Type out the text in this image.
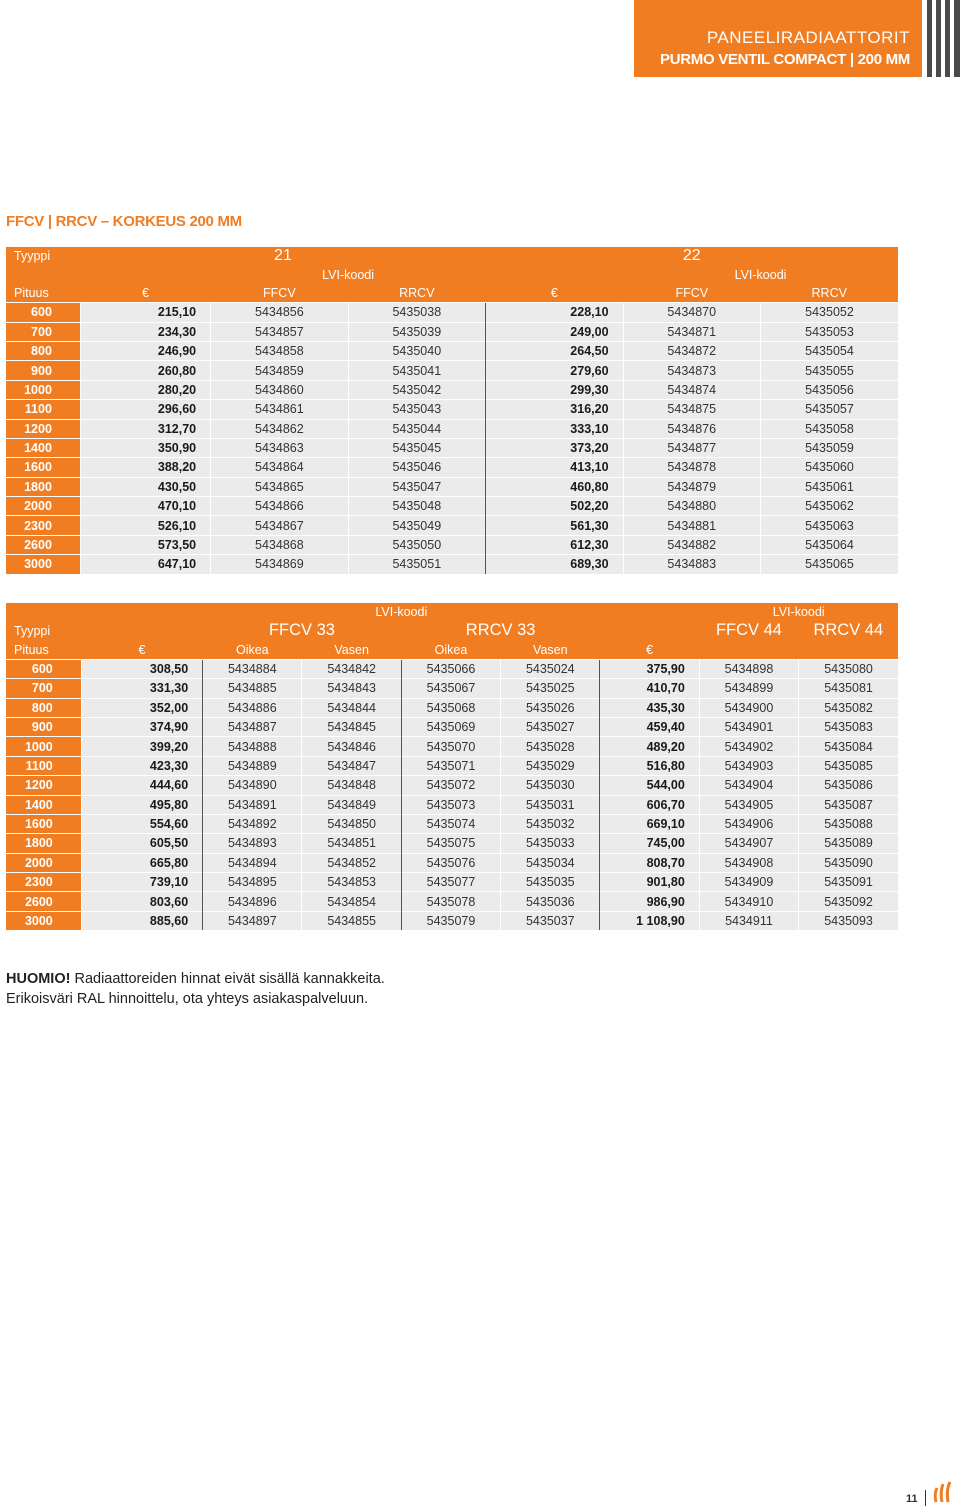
PANEELIRADIAATTORIT
PURMO VENTIL COMPACT | 200 MM
FFCV | RRCV – KORKEUS 200 MM
Tyyppi	21			22		
		LVI-koodi			LVI-koodi	
Pituus	€	FFCV	RRCV	€	FFCV	RRCV
600	215,10	5434856	5435038	228,10	5434870	5435052
700	234,30	5434857	5435039	249,00	5434871	5435053
800	246,90	5434858	5435040	264,50	5434872	5435054
900	260,80	5434859	5435041	279,60	5434873	5435055
1000	280,20	5434860	5435042	299,30	5434874	5435056
1100	296,60	5434861	5435043	316,20	5434875	5435057
1200	312,70	5434862	5435044	333,10	5434876	5435058
1400	350,90	5434863	5435045	373,20	5434877	5435059
1600	388,20	5434864	5435046	413,10	5434878	5435060
1800	430,50	5434865	5435047	460,80	5434879	5435061
2000	470,10	5434866	5435048	502,20	5434880	5435062
2300	526,10	5434867	5435049	561,30	5434881	5435063
2600	573,50	5434868	5435050	612,30	5434882	5435064
3000	647,10	5434869	5435051	689,30	5434883	5435065
		LVI-koodi					LVI-koodi	
Tyyppi		FFCV 33		RRCV 33			FFCV 44	RRCV 44
Pituus	€	Oikea	Vasen	Oikea	Vasen	€		
600	308,50	5434884	5434842	5435066	5435024	375,90	5434898	5435080
700	331,30	5434885	5434843	5435067	5435025	410,70	5434899	5435081
800	352,00	5434886	5434844	5435068	5435026	435,30	5434900	5435082
900	374,90	5434887	5434845	5435069	5435027	459,40	5434901	5435083
1000	399,20	5434888	5434846	5435070	5435028	489,20	5434902	5435084
1100	423,30	5434889	5434847	5435071	5435029	516,80	5434903	5435085
1200	444,60	5434890	5434848	5435072	5435030	544,00	5434904	5435086
1400	495,80	5434891	5434849	5435073	5435031	606,70	5434905	5435087
1600	554,60	5434892	5434850	5435074	5435032	669,10	5434906	5435088
1800	605,50	5434893	5434851	5435075	5435033	745,00	5434907	5435089
2000	665,80	5434894	5434852	5435076	5435034	808,70	5434908	5435090
2300	739,10	5434895	5434853	5435077	5435035	901,80	5434909	5435091
2600	803,60	5434896	5434854	5435078	5435036	986,90	5434910	5435092
3000	885,60	5434897	5434855	5435079	5435037	1 108,90	5434911	5435093
HUOMIO! Radiaattoreiden hinnat eivät sisällä kannakkeita.
Erikoisväri RAL hinnoittelu, ota yhteys asiakaspalveluun.
11
